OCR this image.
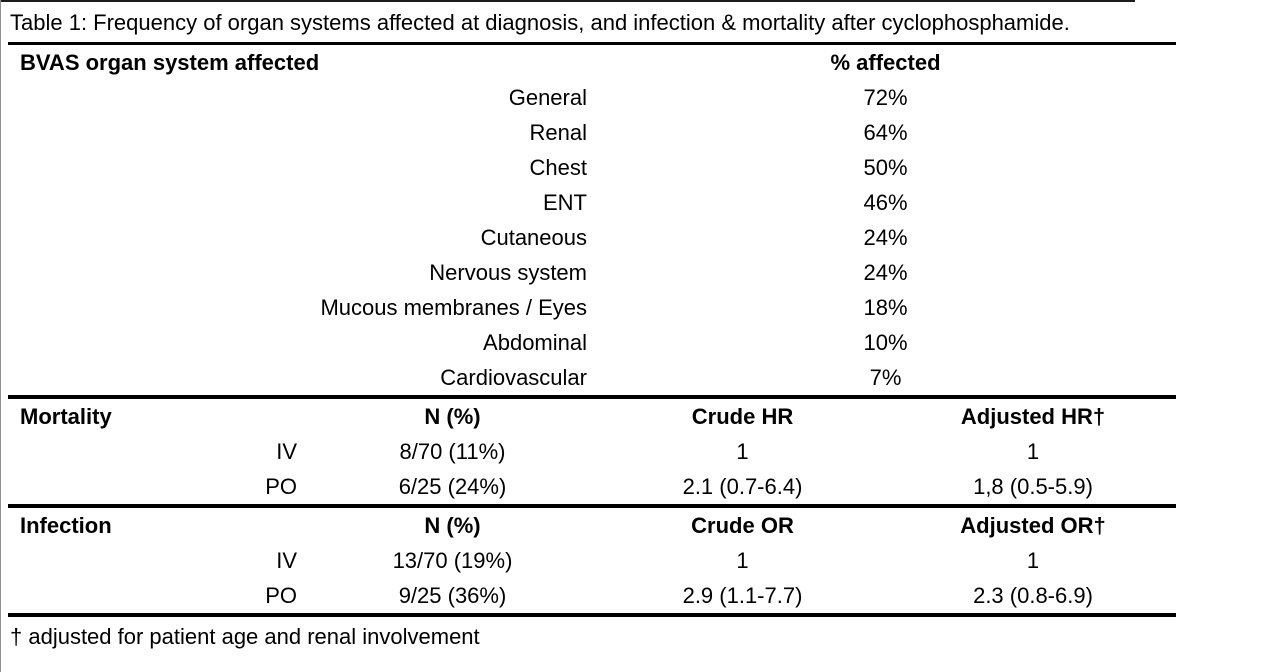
Table 1: Frequency of organ systems affected at diagnosis, and infection & mortality after cyclophosphamide.
BVAS organ system affected	% affected
General	72%
Renal	64%
Chest	50%
ENT	46%
Cutaneous	24%
Nervous system	24%
Mucous membranes / Eyes	18%
Abdominal	10%
Cardiovascular	7%
Mortality	N (%)	Crude HR	Adjusted HR†
IV	8/70 (11%)	1	1
PO	6/25 (24%)	2.1 (0.7-6.4)	1,8 (0.5-5.9)
Infection	N (%)	Crude OR	Adjusted OR†
IV	13/70 (19%)	1	1
PO	9/25 (36%)	2.9 (1.1-7.7)	2.3 (0.8-6.9)
† adjusted for patient age and renal involvement
